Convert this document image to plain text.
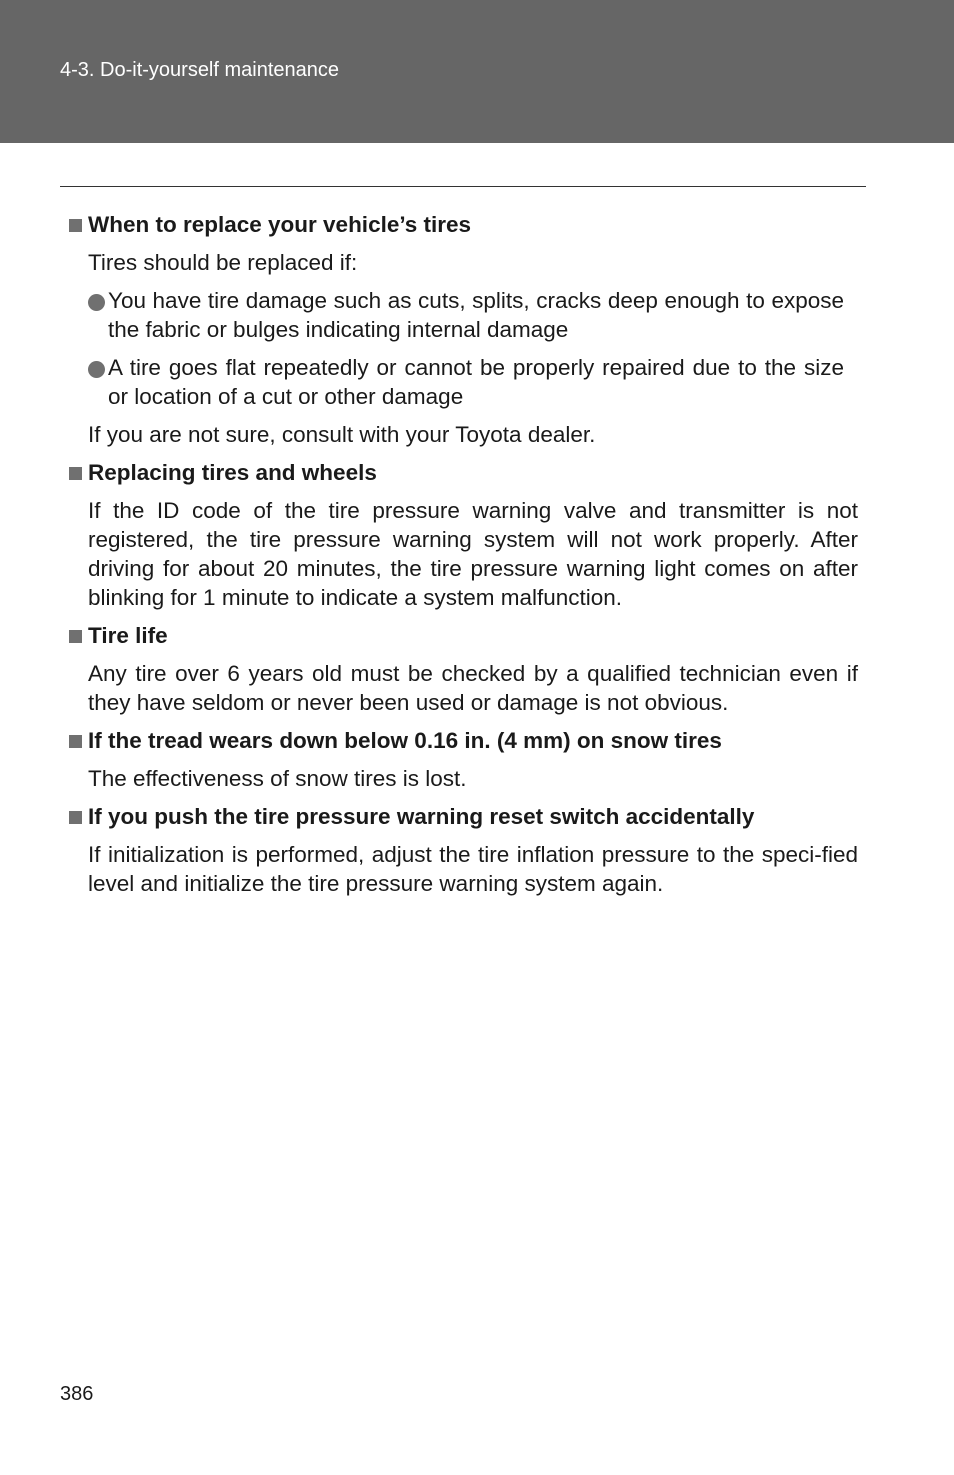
4-3. Do-it-yourself maintenance
When to replace your vehicle’s tires
Tires should be replaced if:
You have tire damage such as cuts, splits, cracks deep enough to expose the fabric or bulges indicating internal damage
A tire goes flat repeatedly or cannot be properly repaired due to the size or location of a cut or other damage
If you are not sure, consult with your Toyota dealer.
Replacing tires and wheels
If the ID code of the tire pressure warning valve and transmitter is not registered, the tire pressure warning system will not work properly. After driving for about 20 minutes, the tire pressure warning light comes on after blinking for 1 minute to indicate a system malfunction.
Tire life
Any tire over 6 years old must be checked by a qualified technician even if they have seldom or never been used or damage is not obvious.
If the tread wears down below 0.16 in. (4 mm) on snow tires
The effectiveness of snow tires is lost.
If you push the tire pressure warning reset switch accidentally
If initialization is performed, adjust the tire inflation pressure to the speci-fied level and initialize the tire pressure warning system again.
386
